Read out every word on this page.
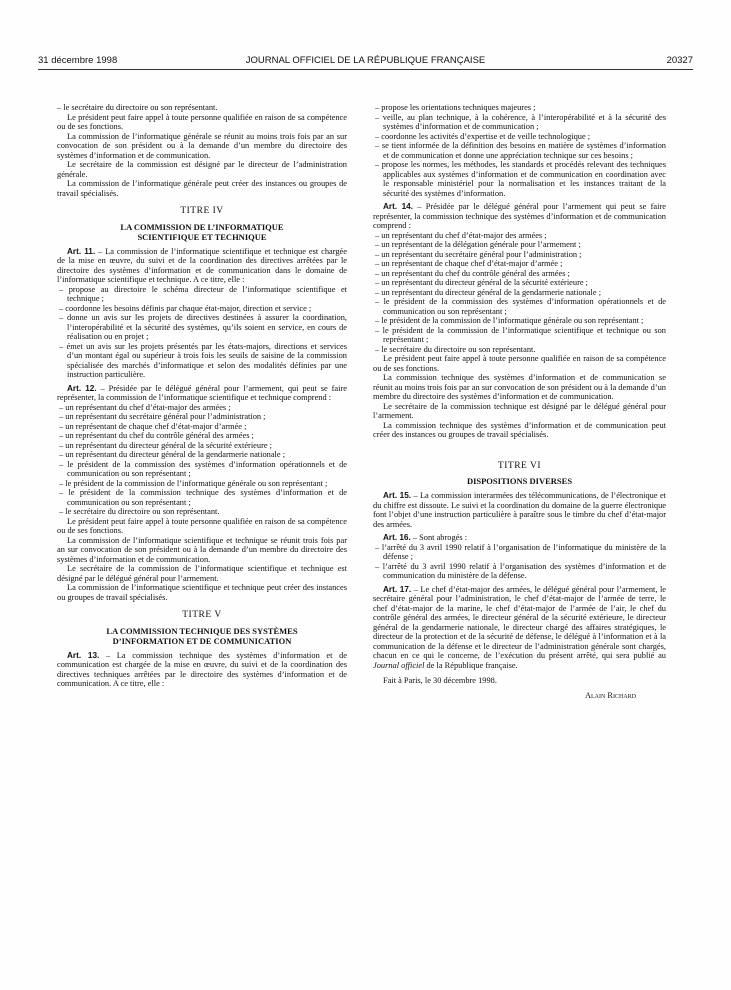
31 décembre 1998	JOURNAL OFFICIEL DE LA RÉPUBLIQUE FRANÇAISE	20327

– le secrétaire du directoire ou son représentant.

Le président peut faire appel à toute personne qualifiée en raison de sa compétence ou de ses fonctions.

La commission de l’informatique générale se réunit au moins trois fois par an sur convocation de son président ou à la demande d’un membre du directoire des systèmes d’information et de communication.

Le secrétaire de la commission est désigné par le directeur de l’administration générale.

La commission de l’informatique générale peut créer des instances ou groupes de travail spécialisés.

TITRE IV
LA COMMISSION DE L’INFORMATIQUE
SCIENTIFIQUE ET TECHNIQUE

Art. 11. – La commission de l’informatique scientifique et technique est chargée de la mise en œuvre, du suivi et de la coordination des directives arrêtées par le directoire des systèmes d’information et de communication dans le domaine de l’informatique scientifique et technique. A ce titre, elle :

– propose au directoire le schéma directeur de l’informatique scientifique et technique ;
– coordonne les besoins définis par chaque état-major, direction et service ;
– donne un avis sur les projets de directives destinées à assurer la coordination, l’interopérabilité et la sécurité des systèmes, qu’ils soient en service, en cours de réalisation ou en projet ;
– émet un avis sur les projets présentés par les états-majors, directions et services d’un montant égal ou supérieur à trois fois les seuils de saisine de la commission spécialisée des marchés d’informatique et selon des modalités définies par une instruction particulière.

Art. 12. – Présidée par le délégué général pour l’armement, qui peut se faire représenter, la commission de l’informatique scientifique et technique comprend :

– un représentant du chef d’état-major des armées ;
– un représentant du secrétaire général pour l’administration ;
– un représentant de chaque chef d’état-major d’armée ;
– un représentant du chef du contrôle général des armées ;
– un représentant du directeur général de la sécurité extérieure ;
– un représentant du directeur général de la gendarmerie nationale ;
– le président de la commission des systèmes d’information opérationnels et de communication ou son représentant ;
– le président de la commission de l’informatique générale ou son représentant ;
– le président de la commission technique des systèmes d’information et de communication ou son représentant ;
– le secrétaire du directoire ou son représentant.

Le président peut faire appel à toute personne qualifiée en raison de sa compétence ou de ses fonctions.

La commission de l’informatique scientifique et technique se réunit trois fois par an sur convocation de son président ou à la demande d’un membre du directoire des systèmes d’information et de communication.

Le secrétaire de la commission de l’informatique scientifique et technique est désigné par le délégué général pour l’armement.

La commission de l’informatique scientifique et technique peut créer des instances ou groupes de travail spécialisés.

TITRE V
LA COMMISSION TECHNIQUE DES SYSTÈMES
D’INFORMATION ET DE COMMUNICATION

Art. 13. – La commission technique des systèmes d’information et de communication est chargée de la mise en œuvre, du suivi et de la coordination des directives techniques arrêtées par le directoire des systèmes d’information et de communication. A ce titre, elle :

– propose les orientations techniques majeures ;
– veille, au plan technique, à la cohérence, à l’interopérabilité et à la sécurité des systèmes d’information et de communication ;
– coordonne les activités d’expertise et de veille technologique ;
– se tient informée de la définition des besoins en matière de systèmes d’information et de communication et donne une appréciation technique sur ces besoins ;
– propose les normes, les méthodes, les standards et procédés relevant des techniques applicables aux systèmes d’information et de communication en coordination avec le responsable ministériel pour la normalisation et les instances traitant de la sécurité des systèmes d’information.

Art. 14. – Présidée par le délégué général pour l’armement qui peut se faire représenter, la commission technique des systèmes d’information et de communication comprend :

– un représentant du chef d’état-major des armées ;
– un représentant de la délégation générale pour l’armement ;
– un représentant du secrétaire général pour l’administration ;
– un représentant de chaque chef d’état-major d’armée ;
– un représentant du chef du contrôle général des armées ;
– un représentant du directeur général de la sécurité extérieure ;
– un représentant du directeur général de la gendarmerie nationale ;
– le président de la commission des systèmes d’information opérationnels et de communication ou son représentant ;
– le président de la commission de l’informatique générale ou son représentant ;
– le président de la commission de l’informatique scientifique et technique ou son représentant ;
– le secrétaire du directoire ou son représentant.

Le président peut faire appel à toute personne qualifiée en raison de sa compétence ou de ses fonctions.

La commission technique des systèmes d’information et de communication se réunit au moins trois fois par an sur convocation de son président ou à la demande d’un membre du directoire des systèmes d’information et de communication.

Le secrétaire de la commission technique est désigné par le délégué général pour l’armement.

La commission technique des systèmes d’information et de communication peut créer des instances ou groupes de travail spécialisés.

TITRE VI
DISPOSITIONS DIVERSES

Art. 15. – La commission interarmées des télécommunications, de l’électronique et du chiffre est dissoute. Le suivi et la coordination du domaine de la guerre électronique font l’objet d’une instruction particulière à paraître sous le timbre du chef d’état-major des armées.

Art. 16. – Sont abrogés :

– l’arrêté du 3 avril 1990 relatif à l’organisation de l’informatique du ministère de la défense ;
– l’arrêté du 3 avril 1990 relatif à l’organisation des systèmes d’information et de communication du ministère de la défense.

Art. 17. – Le chef d’état-major des armées, le délégué général pour l’armement, le secrétaire général pour l’administration, le chef d’état-major de l’armée de terre, le chef d’état-major de la marine, le chef d’état-major de l’armée de l’air, le chef du contrôle général des armées, le directeur général de la sécurité extérieure, le directeur général de la gendarmerie nationale, le directeur chargé des affaires stratégiques, le directeur de la protection et de la sécurité de défense, le délégué à l’information et à la communication de la défense et le directeur de l’administration générale sont chargés, chacun en ce qui le concerne, de l’exécution du présent arrêté, qui sera publié au Journal officiel de la République française.

Fait à Paris, le 30 décembre 1998.

Alain Richard
